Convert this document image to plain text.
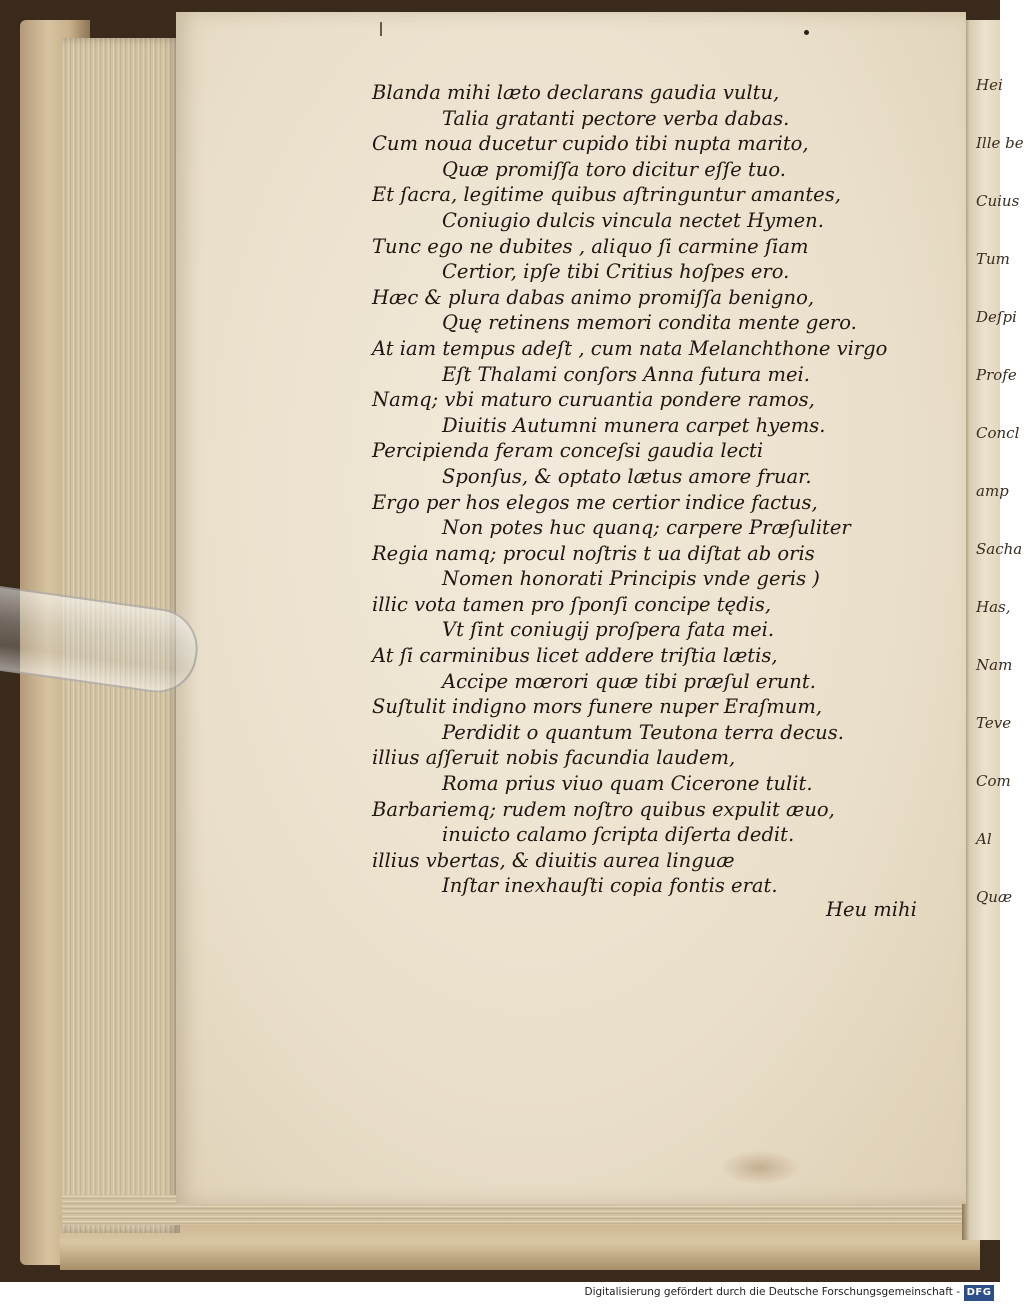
Hei
Ille be
Cuius
Tum
Deſpi
Profe
Concl
amp
Sacha
Has,
Nam
Teve
Com
Al
Quæ
Blanda mihi læto declarans gaudia vultu,
Talia gratanti pectore verba dabas.
Cum noua ducetur cupido tibi nupta marito,
Quæ promiſſa toro dicitur eſſe tuo.
Et ſacra, legitime quibus aſtringuntur amantes,
Coniugio dulcis vincula nectet Hymen.
Tunc ego ne dubites , aliquo ſi carmine ſiam
Certior, ipſe tibi Critius hoſpes ero.
Hæc & plura dabas animo promiſſa benigno,
Quę retinens memori condita mente gero.
At iam tempus adeſt , cum nata Melanchthone virgo
Eſt Thalami conſors Anna futura mei.
Namq; vbi maturo curuantia pondere ramos,
Diuitis Autumni munera carpet hyems.
Percipienda feram conceſsi gaudia lecti
Sponſus, & optato lætus amore fruar.
Ergo per hos elegos me certior indice factus,
Non potes huc quanq; carpere Præſuliter
Regia namq; procul noſtris t ua diſtat ab oris
Nomen honorati Principis vnde geris )
illic vota tamen pro ſponſi concipe tędis,
Vt ſint coniugij proſpera fata mei.
At ſi carminibus licet addere triſtia lætis,
Accipe mœrori quæ tibi præſul erunt.
Suſtulit indigno mors funere nuper Eraſmum,
Perdidit o quantum Teutona terra decus.
illius aſſeruit nobis facundia laudem,
Roma prius viuo quam Cicerone tulit.
Barbariemq; rudem noſtro quibus expulit æuo,
inuicto calamo ſcripta diſerta dedit.
illius vbertas, & diuitis aurea linguæ
Inſtar inexhauſti copia fontis erat.
Heu mihi
Digitalisierung gefördert durch die Deutsche Forschungsgemeinschaft - DFG
